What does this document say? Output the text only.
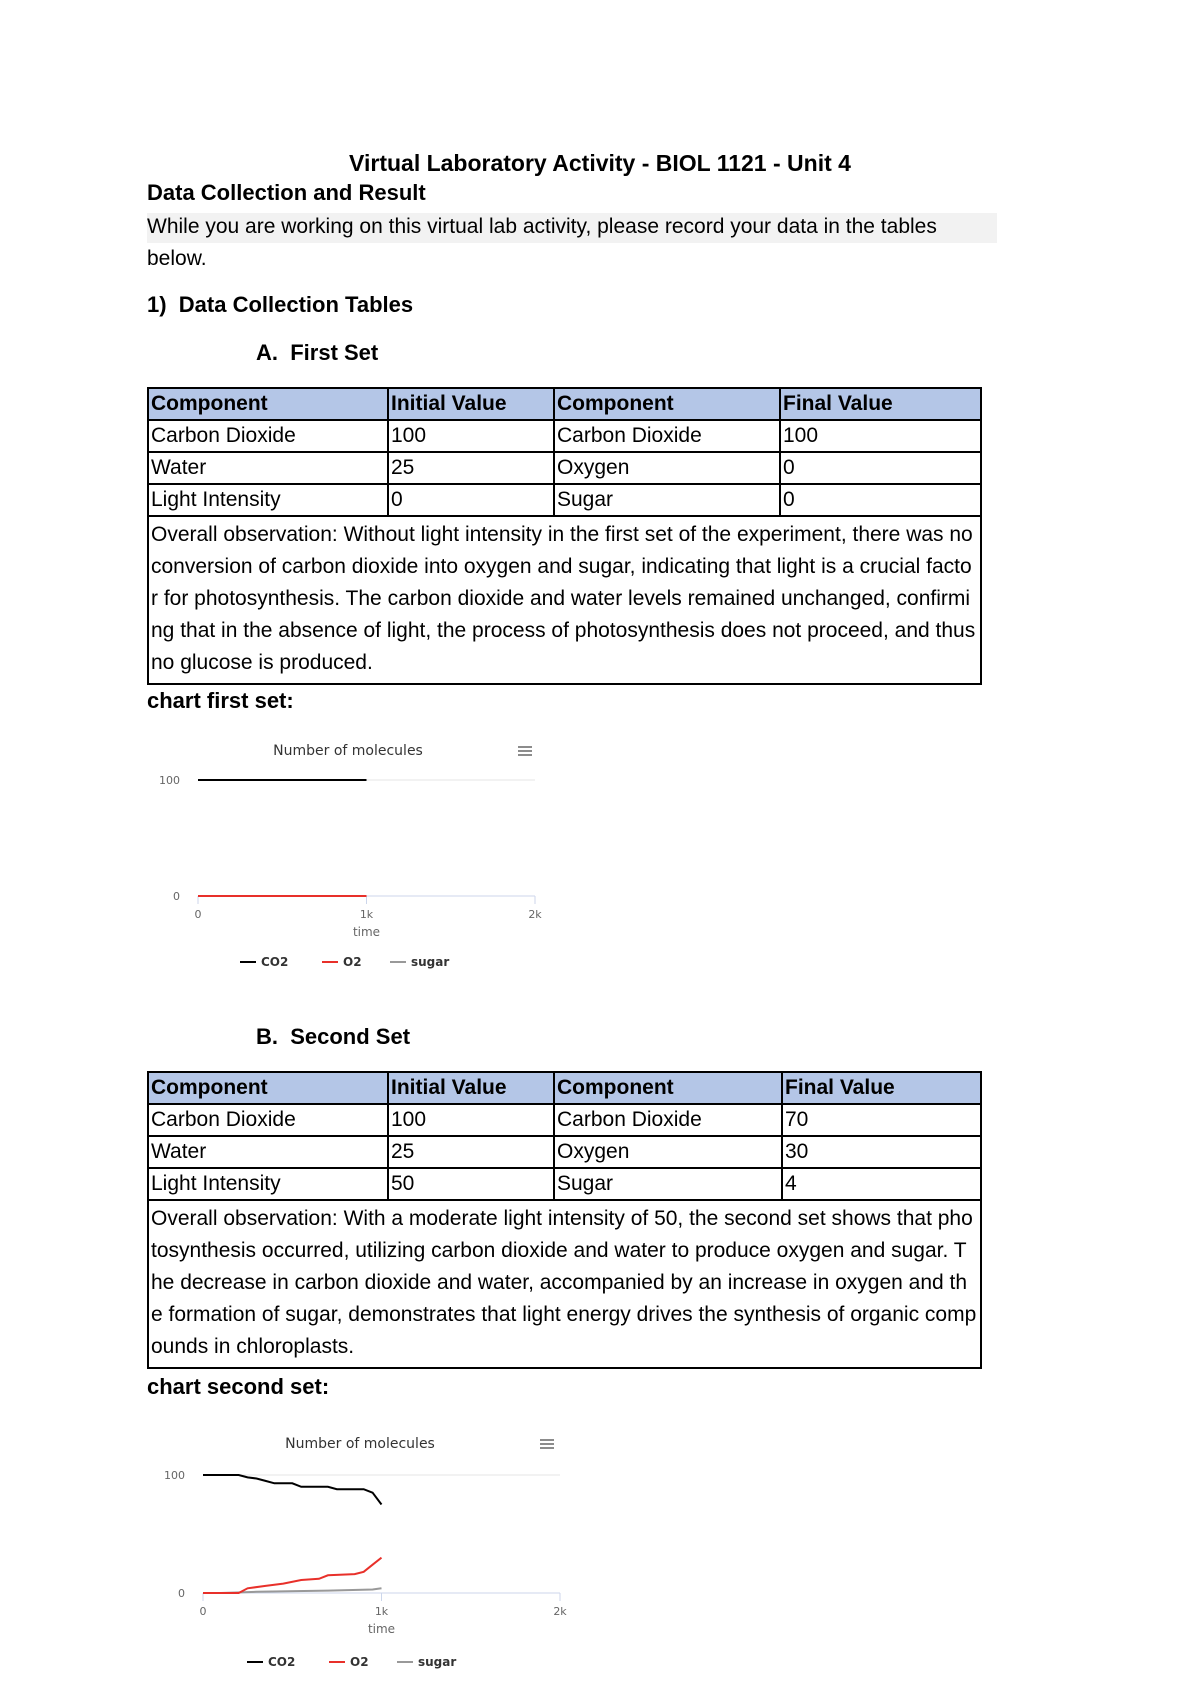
Virtual Laboratory Activity - BIOL 1121 - Unit 4
Data Collection and Result
While you are working on this virtual lab activity, please record your data in the tables
below.
1)  Data Collection Tables
A.  First Set
Component	Initial Value	Component	Final Value
Carbon Dioxide	100	Carbon Dioxide	100
Water	25	Oxygen	0
Light Intensity	0	Sugar	0
Overall observation: Without light intensity in the first set of the experiment, there was no conversion of carbon dioxide into oxygen and sugar, indicating that light is a crucial factor for photosynthesis. The carbon dioxide and water levels remained unchanged, confirming that in the absence of light, the process of photosynthesis does not proceed, and thus no glucose is produced.			
chart first set:
Number of molecules
0
100
0	1k	2k
time
CO2	O2	sugar
B.  Second Set
Component	Initial Value	Component	Final Value
Carbon Dioxide	100	Carbon Dioxide	70
Water	25	Oxygen	30
Light Intensity	50	Sugar	4
Overall observation: With a moderate light intensity of 50, the second set shows that photosynthesis occurred, utilizing carbon dioxide and water to produce oxygen and sugar. The decrease in carbon dioxide and water, accompanied by an increase in oxygen and the formation of sugar, demonstrates that light energy drives the synthesis of organic compounds in chloroplasts.			
chart second set:
Number of molecules
0
100
0	1k	2k
time
CO2	O2	sugar
